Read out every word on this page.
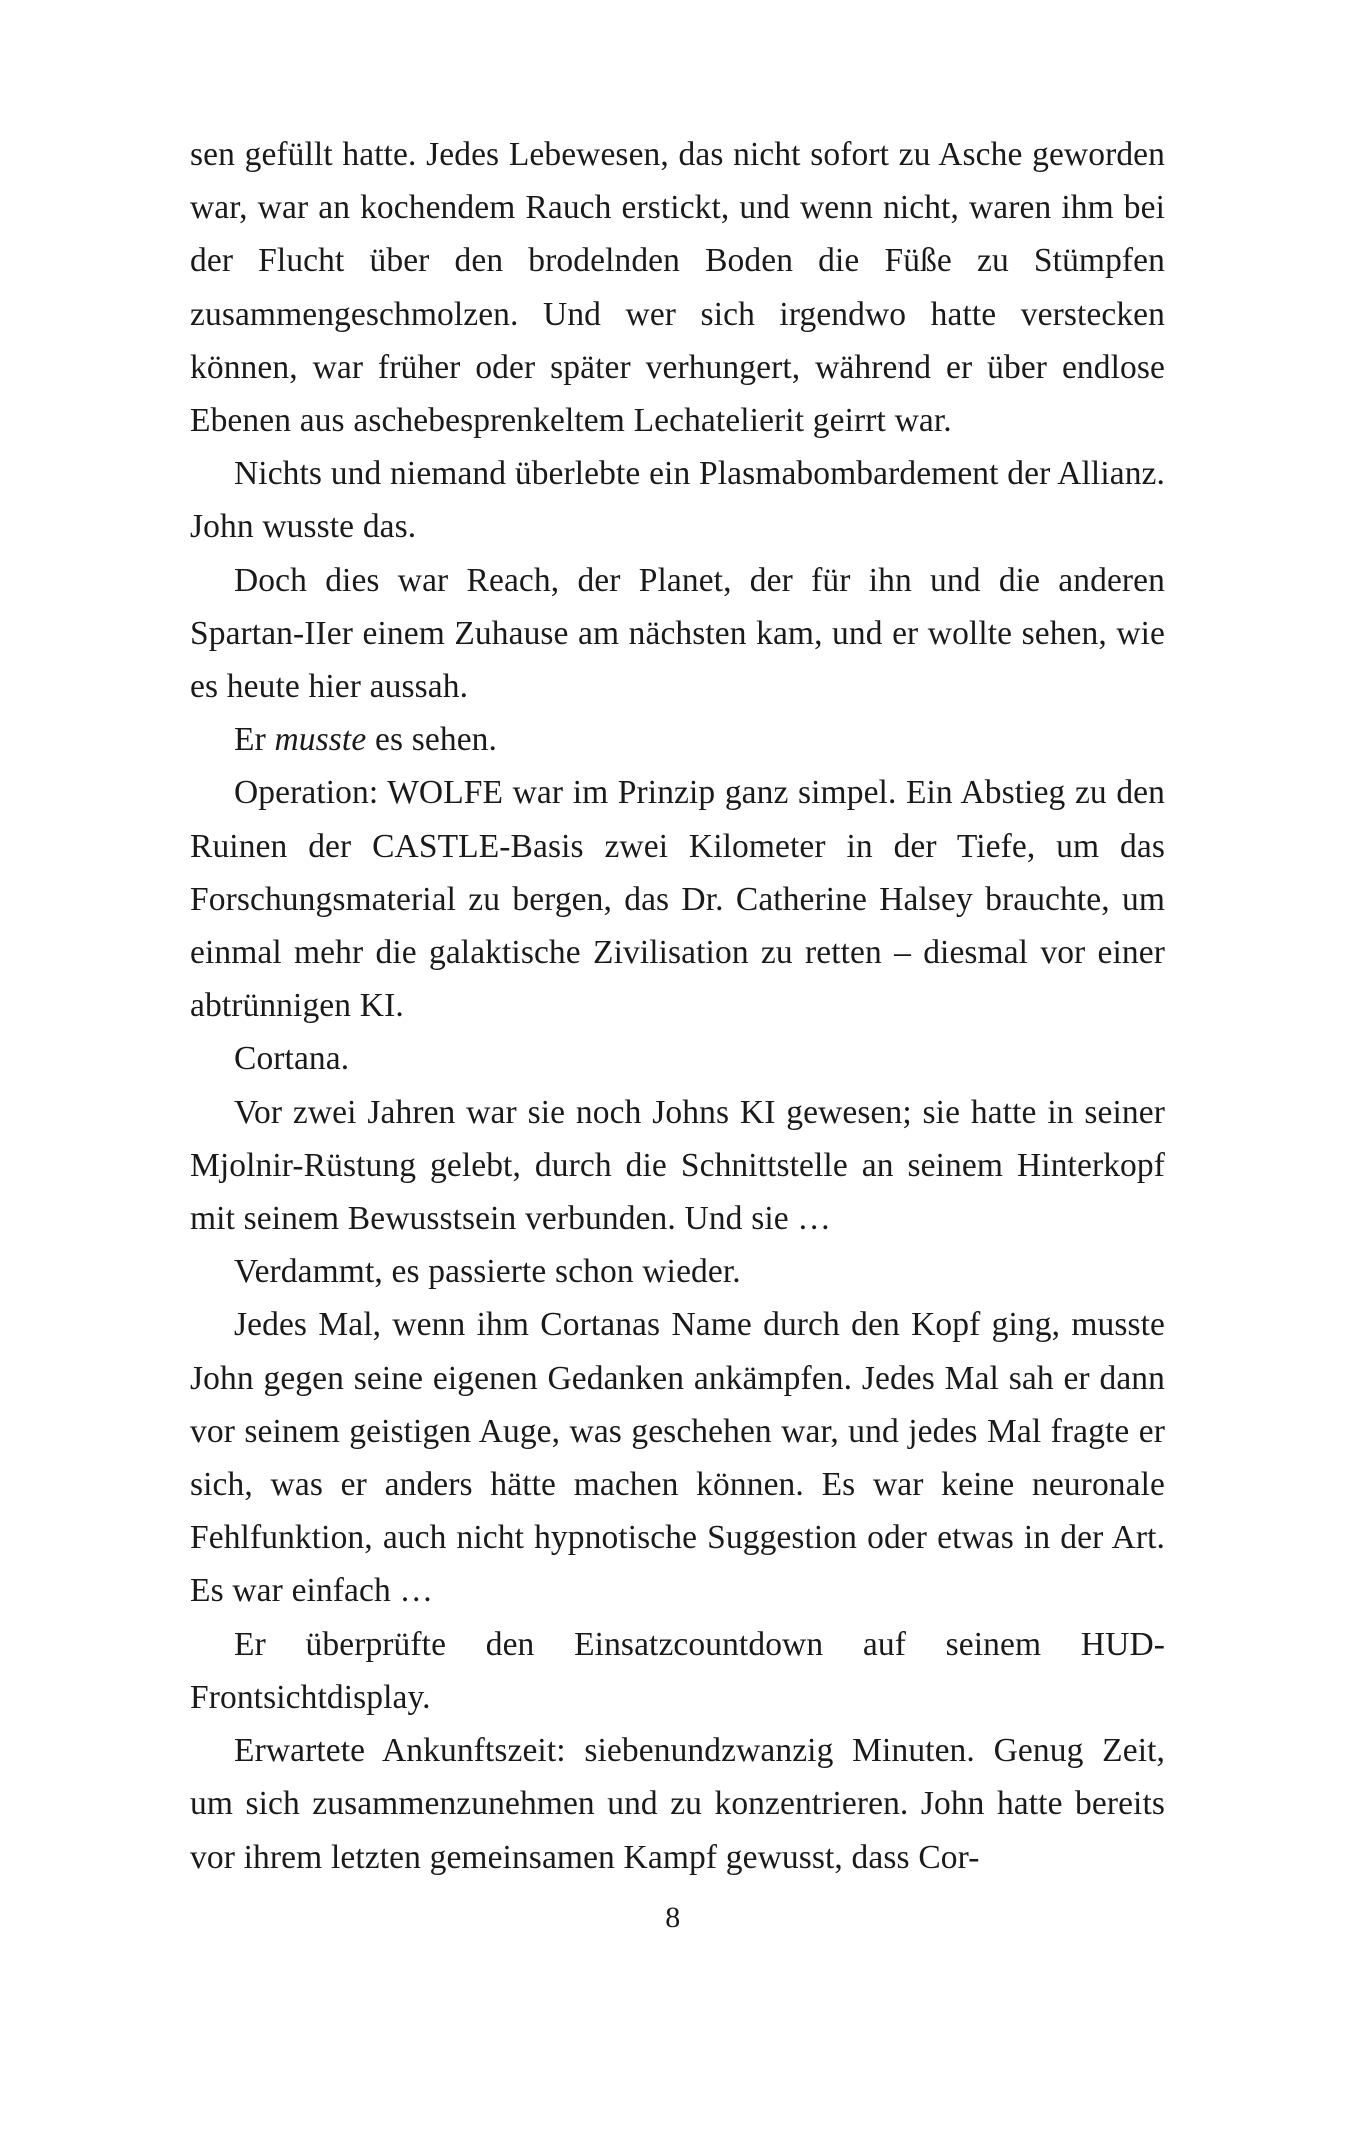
sen gefüllt hatte. Jedes Lebewesen, das nicht sofort zu Asche geworden war, war an kochendem Rauch erstickt, und wenn nicht, waren ihm bei der Flucht über den brodelnden Boden die Füße zu Stümpfen zusammengeschmolzen. Und wer sich irgendwo hatte verstecken können, war früher oder später verhungert, während er über endlose Ebenen aus aschebesprenkeltem Lechatelierit geirrt war.

Nichts und niemand überlebte ein Plasmabombardement der Allianz. John wusste das.

Doch dies war Reach, der Planet, der für ihn und die anderen Spartan-IIer einem Zuhause am nächsten kam, und er wollte sehen, wie es heute hier aussah.

Er musste es sehen.

Operation: WOLFE war im Prinzip ganz simpel. Ein Abstieg zu den Ruinen der CASTLE-Basis zwei Kilometer in der Tiefe, um das Forschungsmaterial zu bergen, das Dr. Catherine Halsey brauchte, um einmal mehr die galaktische Zivilisation zu retten – diesmal vor einer abtrünnigen KI.

Cortana.

Vor zwei Jahren war sie noch Johns KI gewesen; sie hatte in seiner Mjolnir-Rüstung gelebt, durch die Schnittstelle an seinem Hinterkopf mit seinem Bewusstsein verbunden. Und sie …

Verdammt, es passierte schon wieder.

Jedes Mal, wenn ihm Cortanas Name durch den Kopf ging, musste John gegen seine eigenen Gedanken ankämpfen. Jedes Mal sah er dann vor seinem geistigen Auge, was geschehen war, und jedes Mal fragte er sich, was er anders hätte machen können. Es war keine neuronale Fehlfunktion, auch nicht hypnotische Suggestion oder etwas in der Art. Es war einfach …

Er überprüfte den Einsatzcountdown auf seinem HUD-Frontsichtdisplay.

Erwartete Ankunftszeit: siebenundzwanzig Minuten. Genug Zeit, um sich zusammenzunehmen und zu konzentrieren. John hatte bereits vor ihrem letzten gemeinsamen Kampf gewusst, dass Cor-

8
